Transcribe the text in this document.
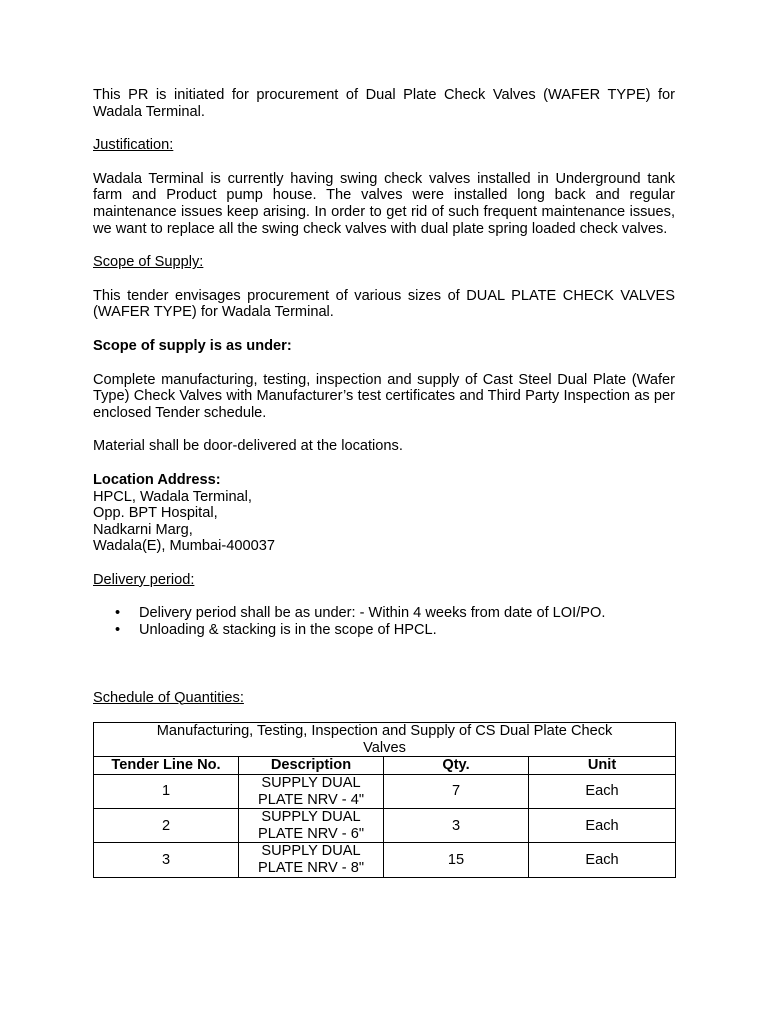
This PR is initiated for procurement of Dual Plate Check Valves (WAFER TYPE) for Wadala Terminal.

Justification:

Wadala Terminal is currently having swing check valves installed in Underground tank farm and Product pump house. The valves were installed long back and regular maintenance issues keep arising. In order to get rid of such frequent maintenance issues, we want to replace all the swing check valves with dual plate spring loaded check valves.

Scope of Supply:

This tender envisages procurement of various sizes of DUAL PLATE CHECK VALVES (WAFER TYPE) for Wadala Terminal.

Scope of supply is as under:

Complete manufacturing, testing, inspection and supply of Cast Steel Dual Plate (Wafer Type) Check Valves with Manufacturer’s test certificates and Third Party Inspection as per enclosed Tender schedule.

Material shall be door-delivered at the locations.

Location Address:

HPCL, Wadala Terminal,

Opp. BPT Hospital,

Nadkarni Marg,

Wadala(E), Mumbai-400037

Delivery period:

• Delivery period shall be as under: - Within 4 weeks from date of LOI/PO.
• Unloading & stacking is in the scope of HPCL.

Schedule of Quantities:

Manufacturing, Testing, Inspection and Supply of CS Dual Plate Check Valves			
Tender Line No.	Description	Qty.	Unit
1	SUPPLY DUAL PLATE NRV - 4"	7	Each
2	SUPPLY DUAL PLATE NRV - 6"	3	Each
3	SUPPLY DUAL PLATE NRV - 8"	15	Each
